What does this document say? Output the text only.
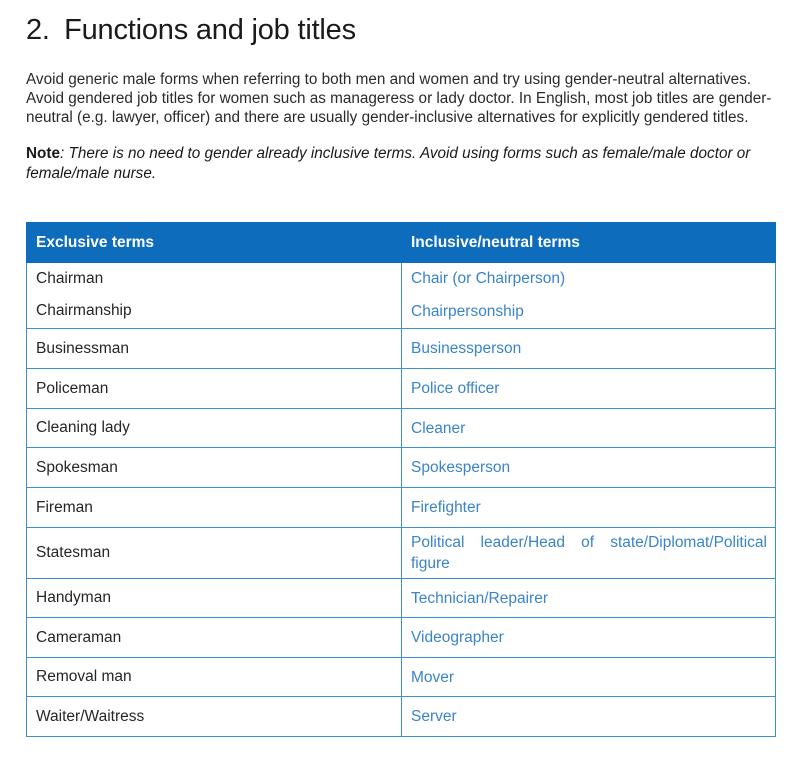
2. Functions and job titles

Avoid generic male forms when referring to both men and women and try using gender-neutral alternatives. Avoid gendered job titles for women such as manageress or lady doctor. In English, most job titles are gender-neutral (e.g. lawyer, officer) and there are usually gender-inclusive alternatives for explicitly gendered titles.

Note: There is no need to gender already inclusive terms. Avoid using forms such as female/male doctor or female/male nurse.

Exclusive terms	Inclusive/neutral terms
Chairman	Chair (or Chairperson)
Chairmanship	Chairpersonship
Businessman	Businessperson
Policeman	Police officer
Cleaning lady	Cleaner
Spokesman	Spokesperson
Fireman	Firefighter
Statesman	Political leader/Head of state/Diplomat/Political figure
Handyman	Technician/Repairer
Cameraman	Videographer
Removal man	Mover
Waiter/Waitress	Server
